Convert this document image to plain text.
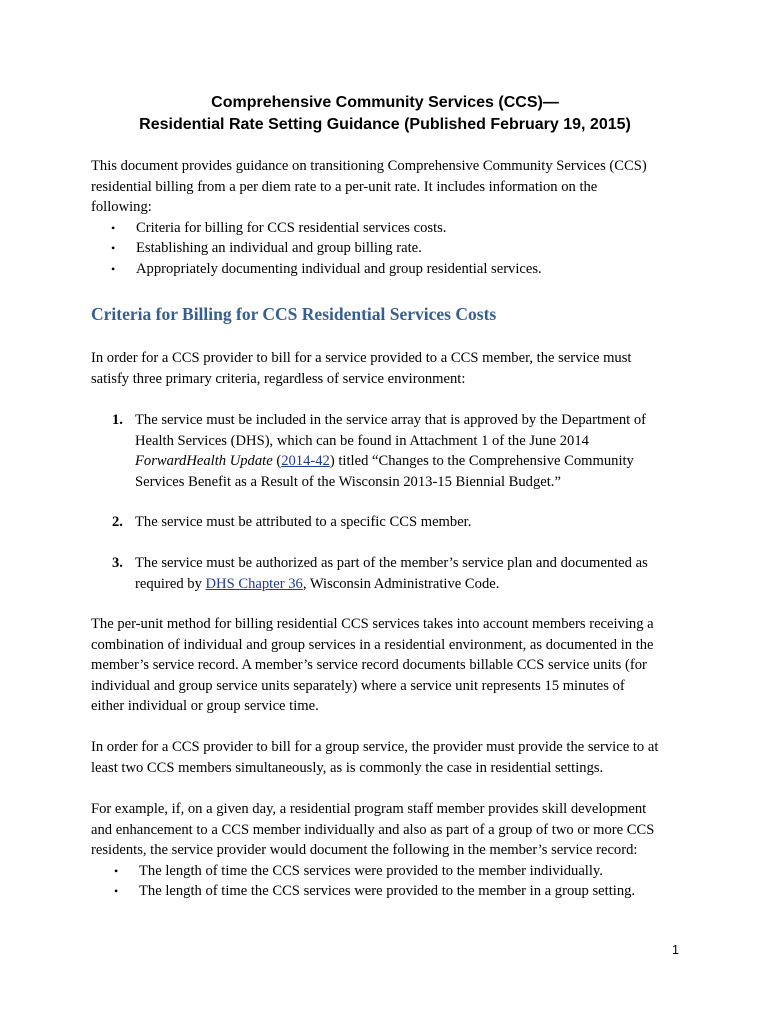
Comprehensive Community Services (CCS)—
Residential Rate Setting Guidance (Published February 19, 2015)
This document provides guidance on transitioning Comprehensive Community Services (CCS)
residential billing from a per diem rate to a per-unit rate. It includes information on the
following:
• Criteria for billing for CCS residential services costs.
• Establishing an individual and group billing rate.
• Appropriately documenting individual and group residential services.
Criteria for Billing for CCS Residential Services Costs
In order for a CCS provider to bill for a service provided to a CCS member, the service must
satisfy three primary criteria, regardless of service environment:
1. The service must be included in the service array that is approved by the Department of
Health Services (DHS), which can be found in Attachment 1 of the June 2014
ForwardHealth Update (2014-42) titled “Changes to the Comprehensive Community
Services Benefit as a Result of the Wisconsin 2013-15 Biennial Budget.”
2. The service must be attributed to a specific CCS member.
3. The service must be authorized as part of the member’s service plan and documented as
required by DHS Chapter 36, Wisconsin Administrative Code.
The per-unit method for billing residential CCS services takes into account members receiving a
combination of individual and group services in a residential environment, as documented in the
member’s service record. A member’s service record documents billable CCS service units (for
individual and group service units separately) where a service unit represents 15 minutes of
either individual or group service time.
In order for a CCS provider to bill for a group service, the provider must provide the service to at
least two CCS members simultaneously, as is commonly the case in residential settings.
For example, if, on a given day, a residential program staff member provides skill development
and enhancement to a CCS member individually and also as part of a group of two or more CCS
residents, the service provider would document the following in the member’s service record:
• The length of time the CCS services were provided to the member individually.
• The length of time the CCS services were provided to the member in a group setting.
1
